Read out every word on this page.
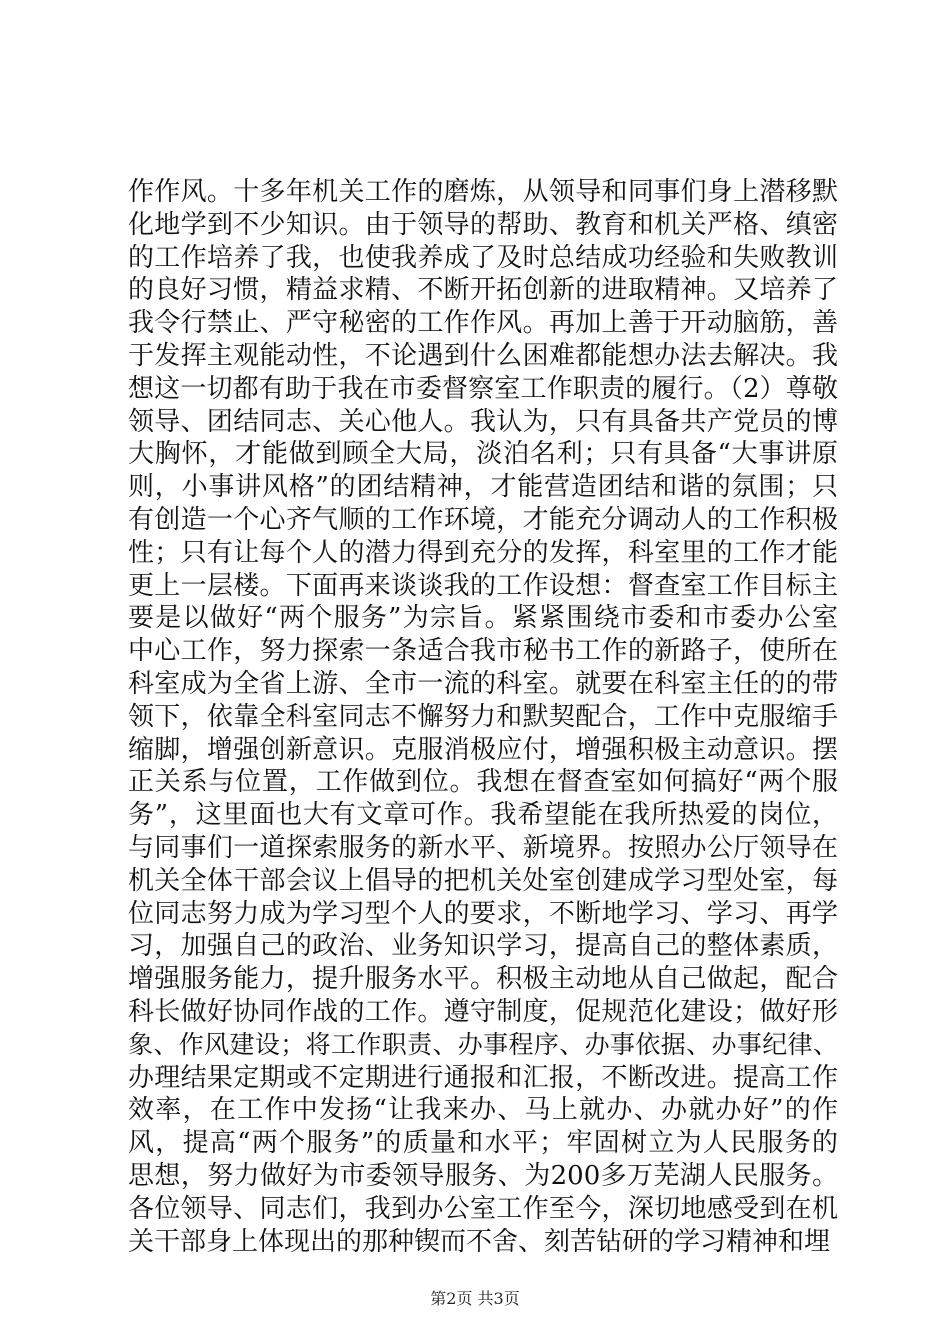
作作风。十多年机关工作的磨炼，从领导和同事们身上潜移默
化地学到不少知识。由于领导的帮助、教育和机关严格、缜密
的工作培养了我，也使我养成了及时总结成功经验和失败教训
的良好习惯，精益求精、不断开拓创新的进取精神。又培养了
我令行禁止、严守秘密的工作作风。再加上善于开动脑筋，善
于发挥主观能动性，不论遇到什么困难都能想办法去解决。我
想这一切都有助于我在市委督察室工作职责的履行。（2）尊敬
领导、团结同志、关心他人。我认为，只有具备共产党员的博
大胸怀，才能做到顾全大局，淡泊名利；只有具备“大事讲原
则，小事讲风格”的团结精神，才能营造团结和谐的氛围；只
有创造一个心齐气顺的工作环境，才能充分调动人的工作积极
性；只有让每个人的潜力得到充分的发挥，科室里的工作才能
更上一层楼。下面再来谈谈我的工作设想：督查室工作目标主
要是以做好“两个服务”为宗旨。紧紧围绕市委和市委办公室
中心工作，努力探索一条适合我市秘书工作的新路子，使所在
科室成为全省上游、全市一流的科室。就要在科室主任的的带
领下，依靠全科室同志不懈努力和默契配合，工作中克服缩手
缩脚，增强创新意识。克服消极应付，增强积极主动意识。摆
正关系与位置，工作做到位。我想在督查室如何搞好“两个服
务”，这里面也大有文章可作。我希望能在我所热爱的岗位，
与同事们一道探索服务的新水平、新境界。按照办公厅领导在
机关全体干部会议上倡导的把机关处室创建成学习型处室，每
位同志努力成为学习型个人的要求，不断地学习、学习、再学
习，加强自己的政治、业务知识学习，提高自己的整体素质，
增强服务能力，提升服务水平。积极主动地从自己做起，配合
科长做好协同作战的工作。遵守制度，促规范化建设；做好形
象、作风建设；将工作职责、办事程序、办事依据、办事纪律、
办理结果定期或不定期进行通报和汇报，不断改进。提高工作
效率，在工作中发扬“让我来办、马上就办、办就办好”的作
风，提高“两个服务”的质量和水平；牢固树立为人民服务的
思想，努力做好为市委领导服务、为200多万芜湖人民服务。
各位领导、同志们，我到办公室工作至今，深切地感受到在机
关干部身上体现出的那种锲而不舍、刻苦钻研的学习精神和埋
第2页 共3页
